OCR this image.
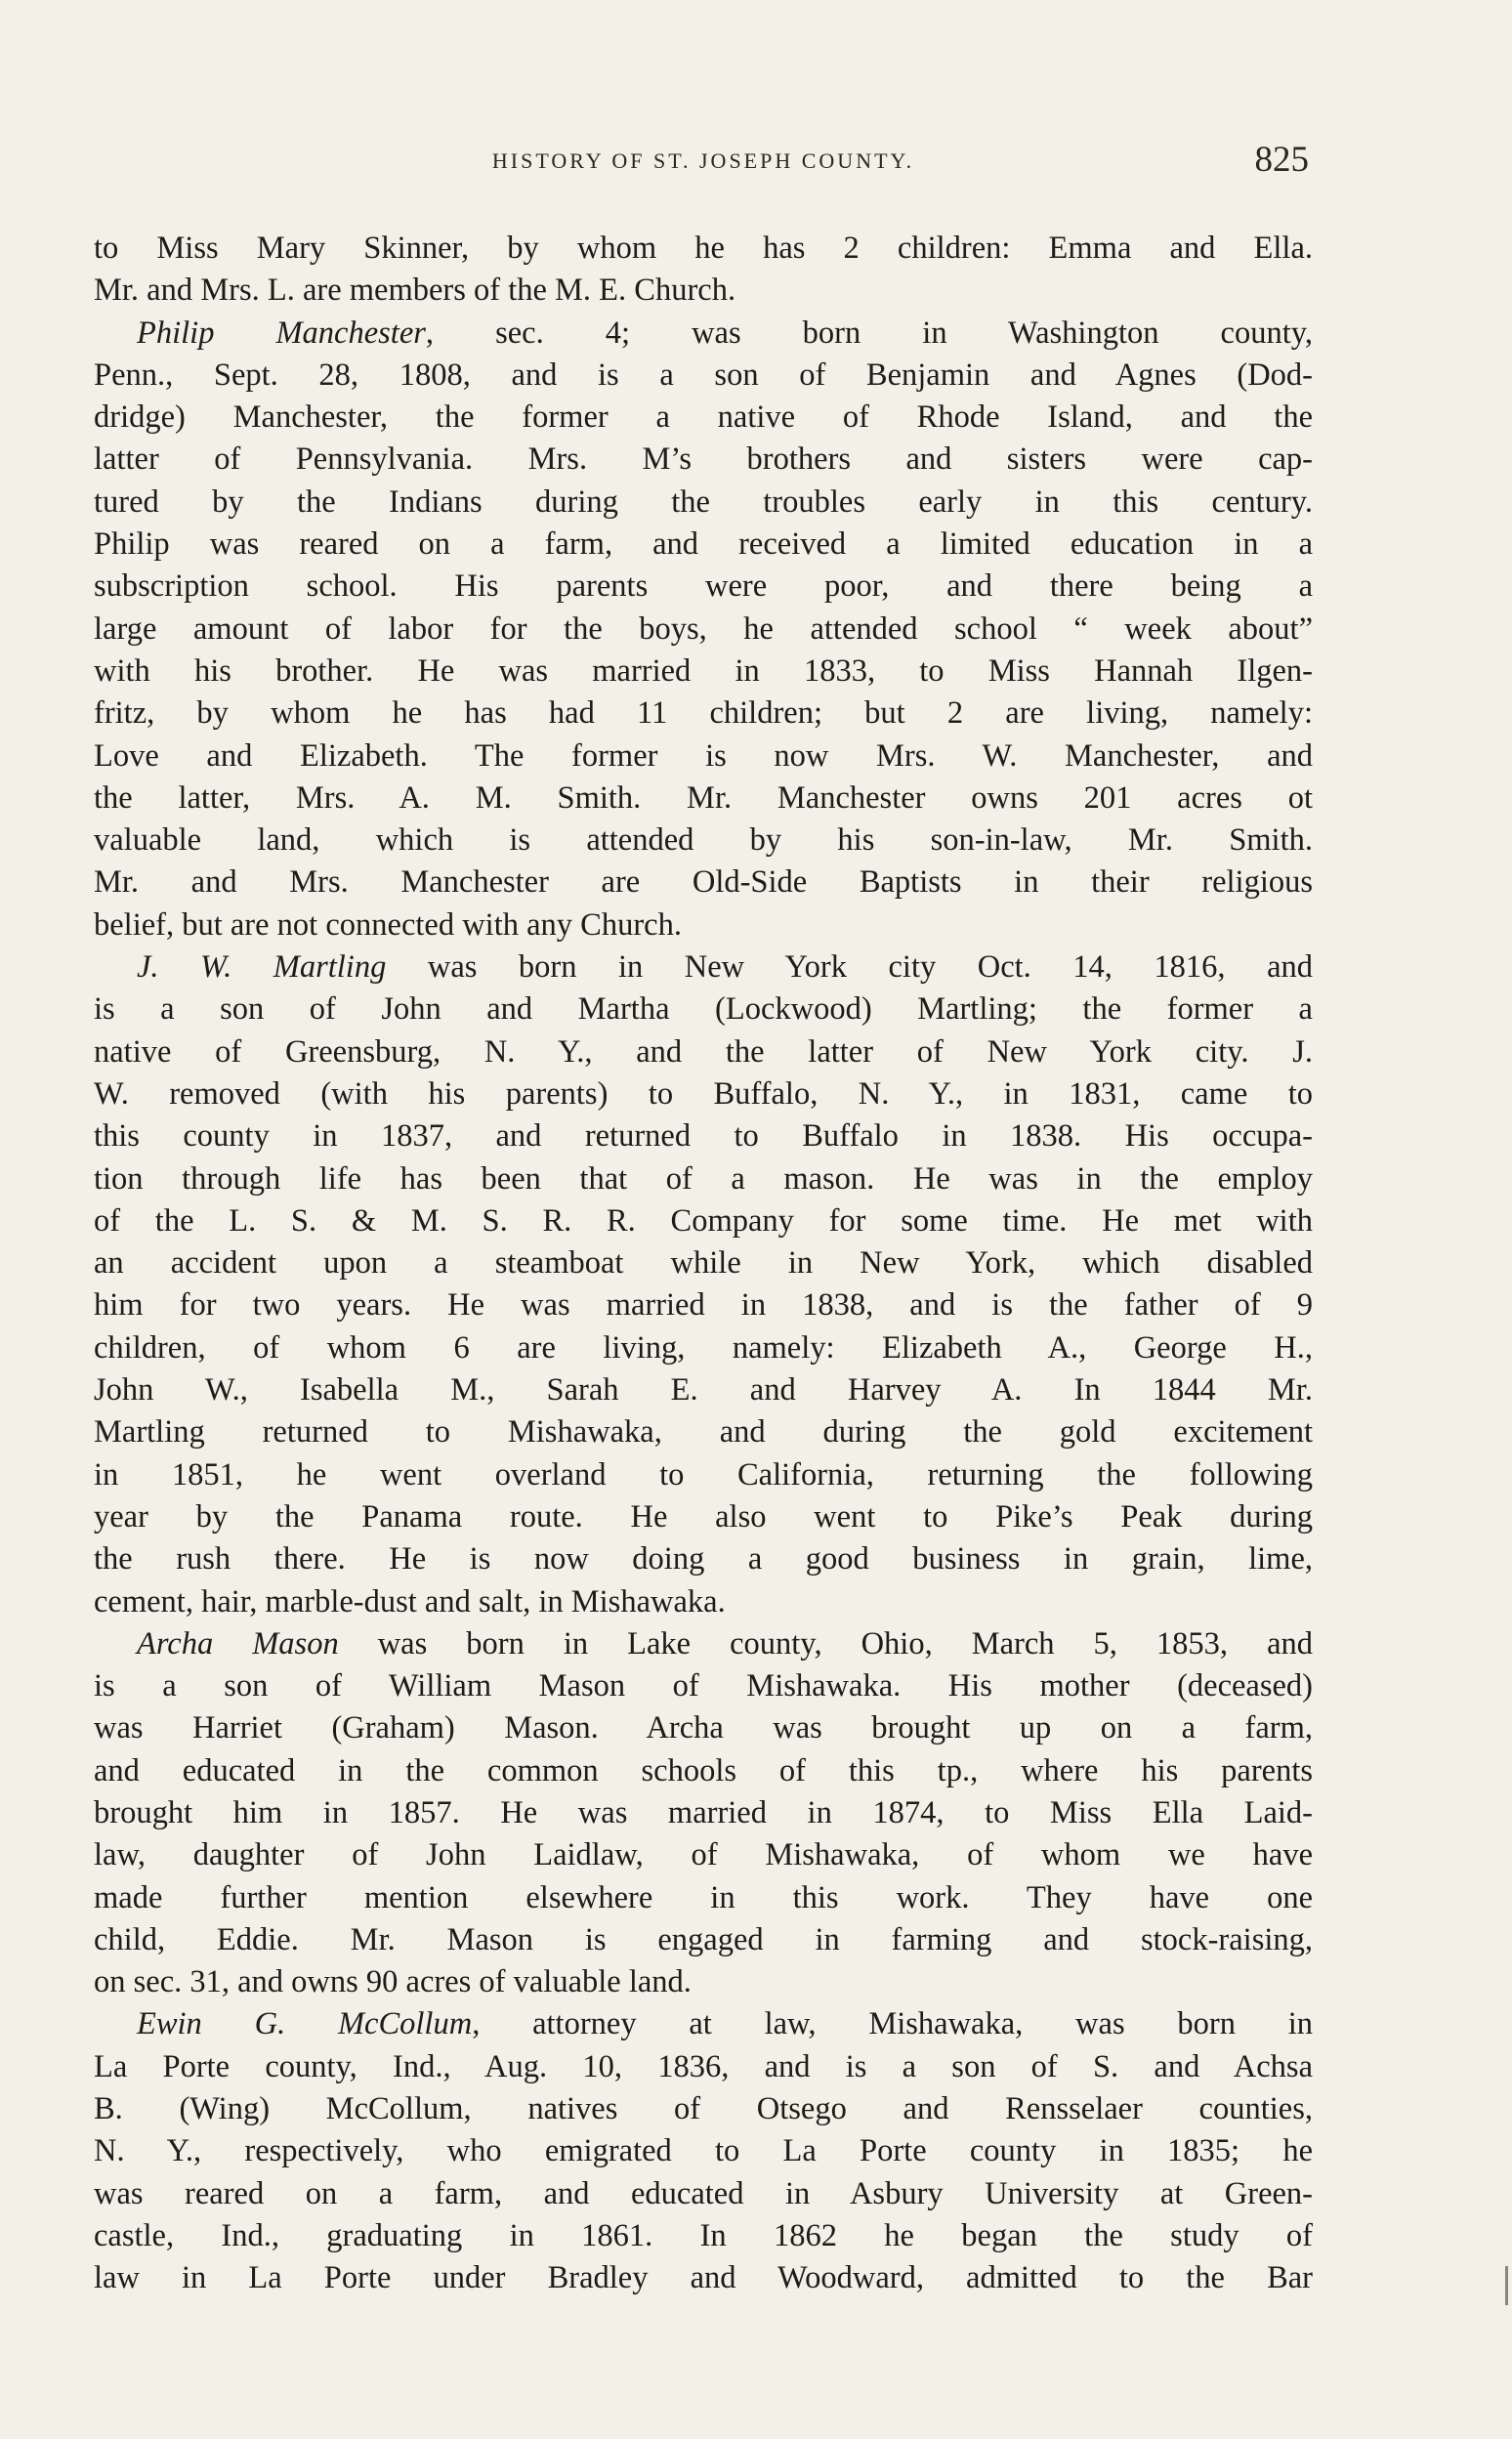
HISTORY OF ST. JOSEPH COUNTY.	825
to Miss Mary Skinner, by whom he has 2 children: Emma and Ella.
Mr. and Mrs. L. are members of the M. E. Church.
Philip Manchester, sec. 4; was born in Washington county,
Penn., Sept. 28, 1808, and is a son of Benjamin and Agnes (Dod-
dridge) Manchester, the former a native of Rhode Island, and the
latter of Pennsylvania. Mrs. M’s brothers and sisters were cap-
tured by the Indians during the troubles early in this century.
Philip was reared on a farm, and received a limited education in a
subscription school. His parents were poor, and there being a
large amount of labor for the boys, he attended school “ week about”
with his brother. He was married in 1833, to Miss Hannah Ilgen-
fritz, by whom he has had 11 children; but 2 are living, namely:
Love and Elizabeth. The former is now Mrs. W. Manchester, and
the latter, Mrs. A. M. Smith. Mr. Manchester owns 201 acres ot
valuable land, which is attended by his son-in-law, Mr. Smith.
Mr. and Mrs. Manchester are Old-Side Baptists in their religious
belief, but are not connected with any Church.
J. W. Martling was born in New York city Oct. 14, 1816, and
is a son of John and Martha (Lockwood) Martling; the former a
native of Greensburg, N. Y., and the latter of New York city. J.
W. removed (with his parents) to Buffalo, N. Y., in 1831, came to
this county in 1837, and returned to Buffalo in 1838. His occupa-
tion through life has been that of a mason. He was in the employ
of the L. S. & M. S. R. R. Company for some time. He met with
an accident upon a steamboat while in New York, which disabled
him for two years. He was married in 1838, and is the father of 9
children, of whom 6 are living, namely: Elizabeth A., George H.,
John W., Isabella M., Sarah E. and Harvey A. In 1844 Mr.
Martling returned to Mishawaka, and during the gold excitement
in 1851, he went overland to California, returning the following
year by the Panama route. He also went to Pike’s Peak during
the rush there. He is now doing a good business in grain, lime,
cement, hair, marble-dust and salt, in Mishawaka.
Archa Mason was born in Lake county, Ohio, March 5, 1853, and
is a son of William Mason of Mishawaka. His mother (deceased)
was Harriet (Graham) Mason. Archa was brought up on a farm,
and educated in the common schools of this tp., where his parents
brought him in 1857. He was married in 1874, to Miss Ella Laid-
law, daughter of John Laidlaw, of Mishawaka, of whom we have
made further mention elsewhere in this work. They have one
child, Eddie. Mr. Mason is engaged in farming and stock-raising,
on sec. 31, and owns 90 acres of valuable land.
Ewin G. McCollum, attorney at law, Mishawaka, was born in
La Porte county, Ind., Aug. 10, 1836, and is a son of S. and Achsa
B. (Wing) McCollum, natives of Otsego and Rensselaer counties,
N. Y., respectively, who emigrated to La Porte county in 1835; he
was reared on a farm, and educated in Asbury University at Green-
castle, Ind., graduating in 1861. In 1862 he began the study of
law in La Porte under Bradley and Woodward, admitted to the Bar
